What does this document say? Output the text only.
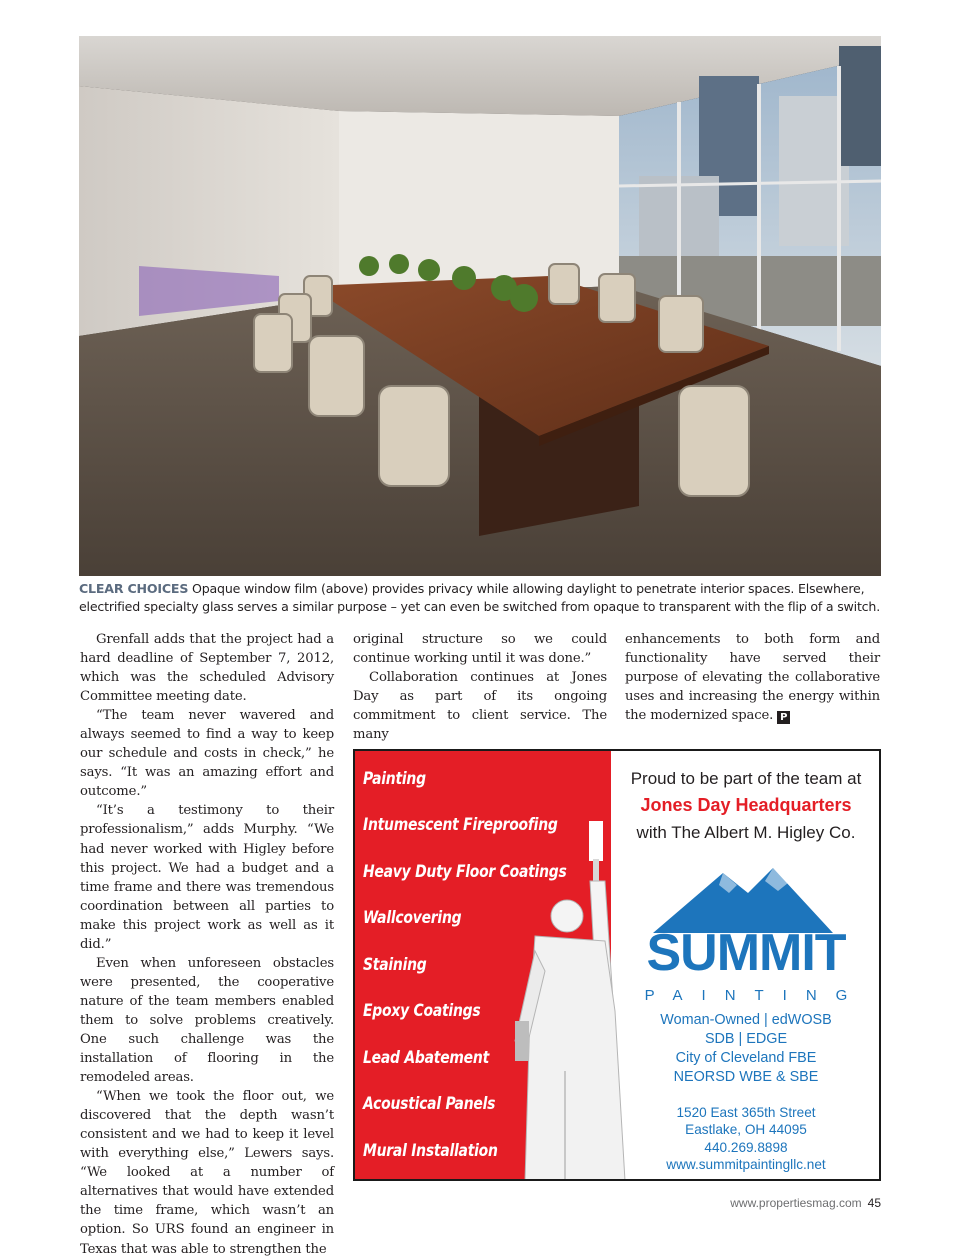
CLEAR CHOICES Opaque window film (above) provides privacy while allowing daylight to penetrate interior spaces. Elsewhere, electrified specialty glass serves a similar purpose – yet can even be switched from opaque to transparent with the flip of a switch.

Grenfall adds that the project had a hard deadline of September 7, 2012, which was the scheduled Advisory Committee meeting date.

“The team never wavered and always seemed to find a way to keep our schedule and costs in check,” he says. “It was an amazing effort and outcome.”

“It’s a testimony to their professionalism,” adds Murphy. “We had never worked with Higley before this project. We had a budget and a time frame and there was tremendous coordination between all parties to make this project work as well as it did.”

Even when unforeseen obstacles were presented, the cooperative nature of the team members enabled them to solve problems creatively. One such challenge was the installation of flooring in the remodeled areas.

“When we took the floor out, we discovered that the depth wasn’t consistent and we had to keep it level with everything else,” Lewers says. “We looked at a number of alternatives that would have extended the time frame, which wasn’t an option. So URS found an engineer in Texas that was able to strengthen the

original structure so we could continue working until it was done.”

Collaboration continues at Jones Day as part of its ongoing commitment to client service. The many

enhancements to both form and functionality have served their purpose of elevating the collaborative uses and increasing the energy within the modernized space. P

Painting
Intumescent Fireproofing
Heavy Duty Floor Coatings
Wallcovering
Staining
Epoxy Coatings
Lead Abatement
Acoustical Panels
Mural Installation
Proud to be part of the team at
Jones Day Headquarters
with The Albert M. Higley Co.
SUMMIT
PAINTING
Woman-Owned | edWOSB
SDB | EDGE
City of Cleveland FBE
NEORSD WBE & SBE
1520 East 365th Street
Eastlake, OH 44095
440.269.8898
www.summitpaintingllc.net
www.propertiesmag.com 45
